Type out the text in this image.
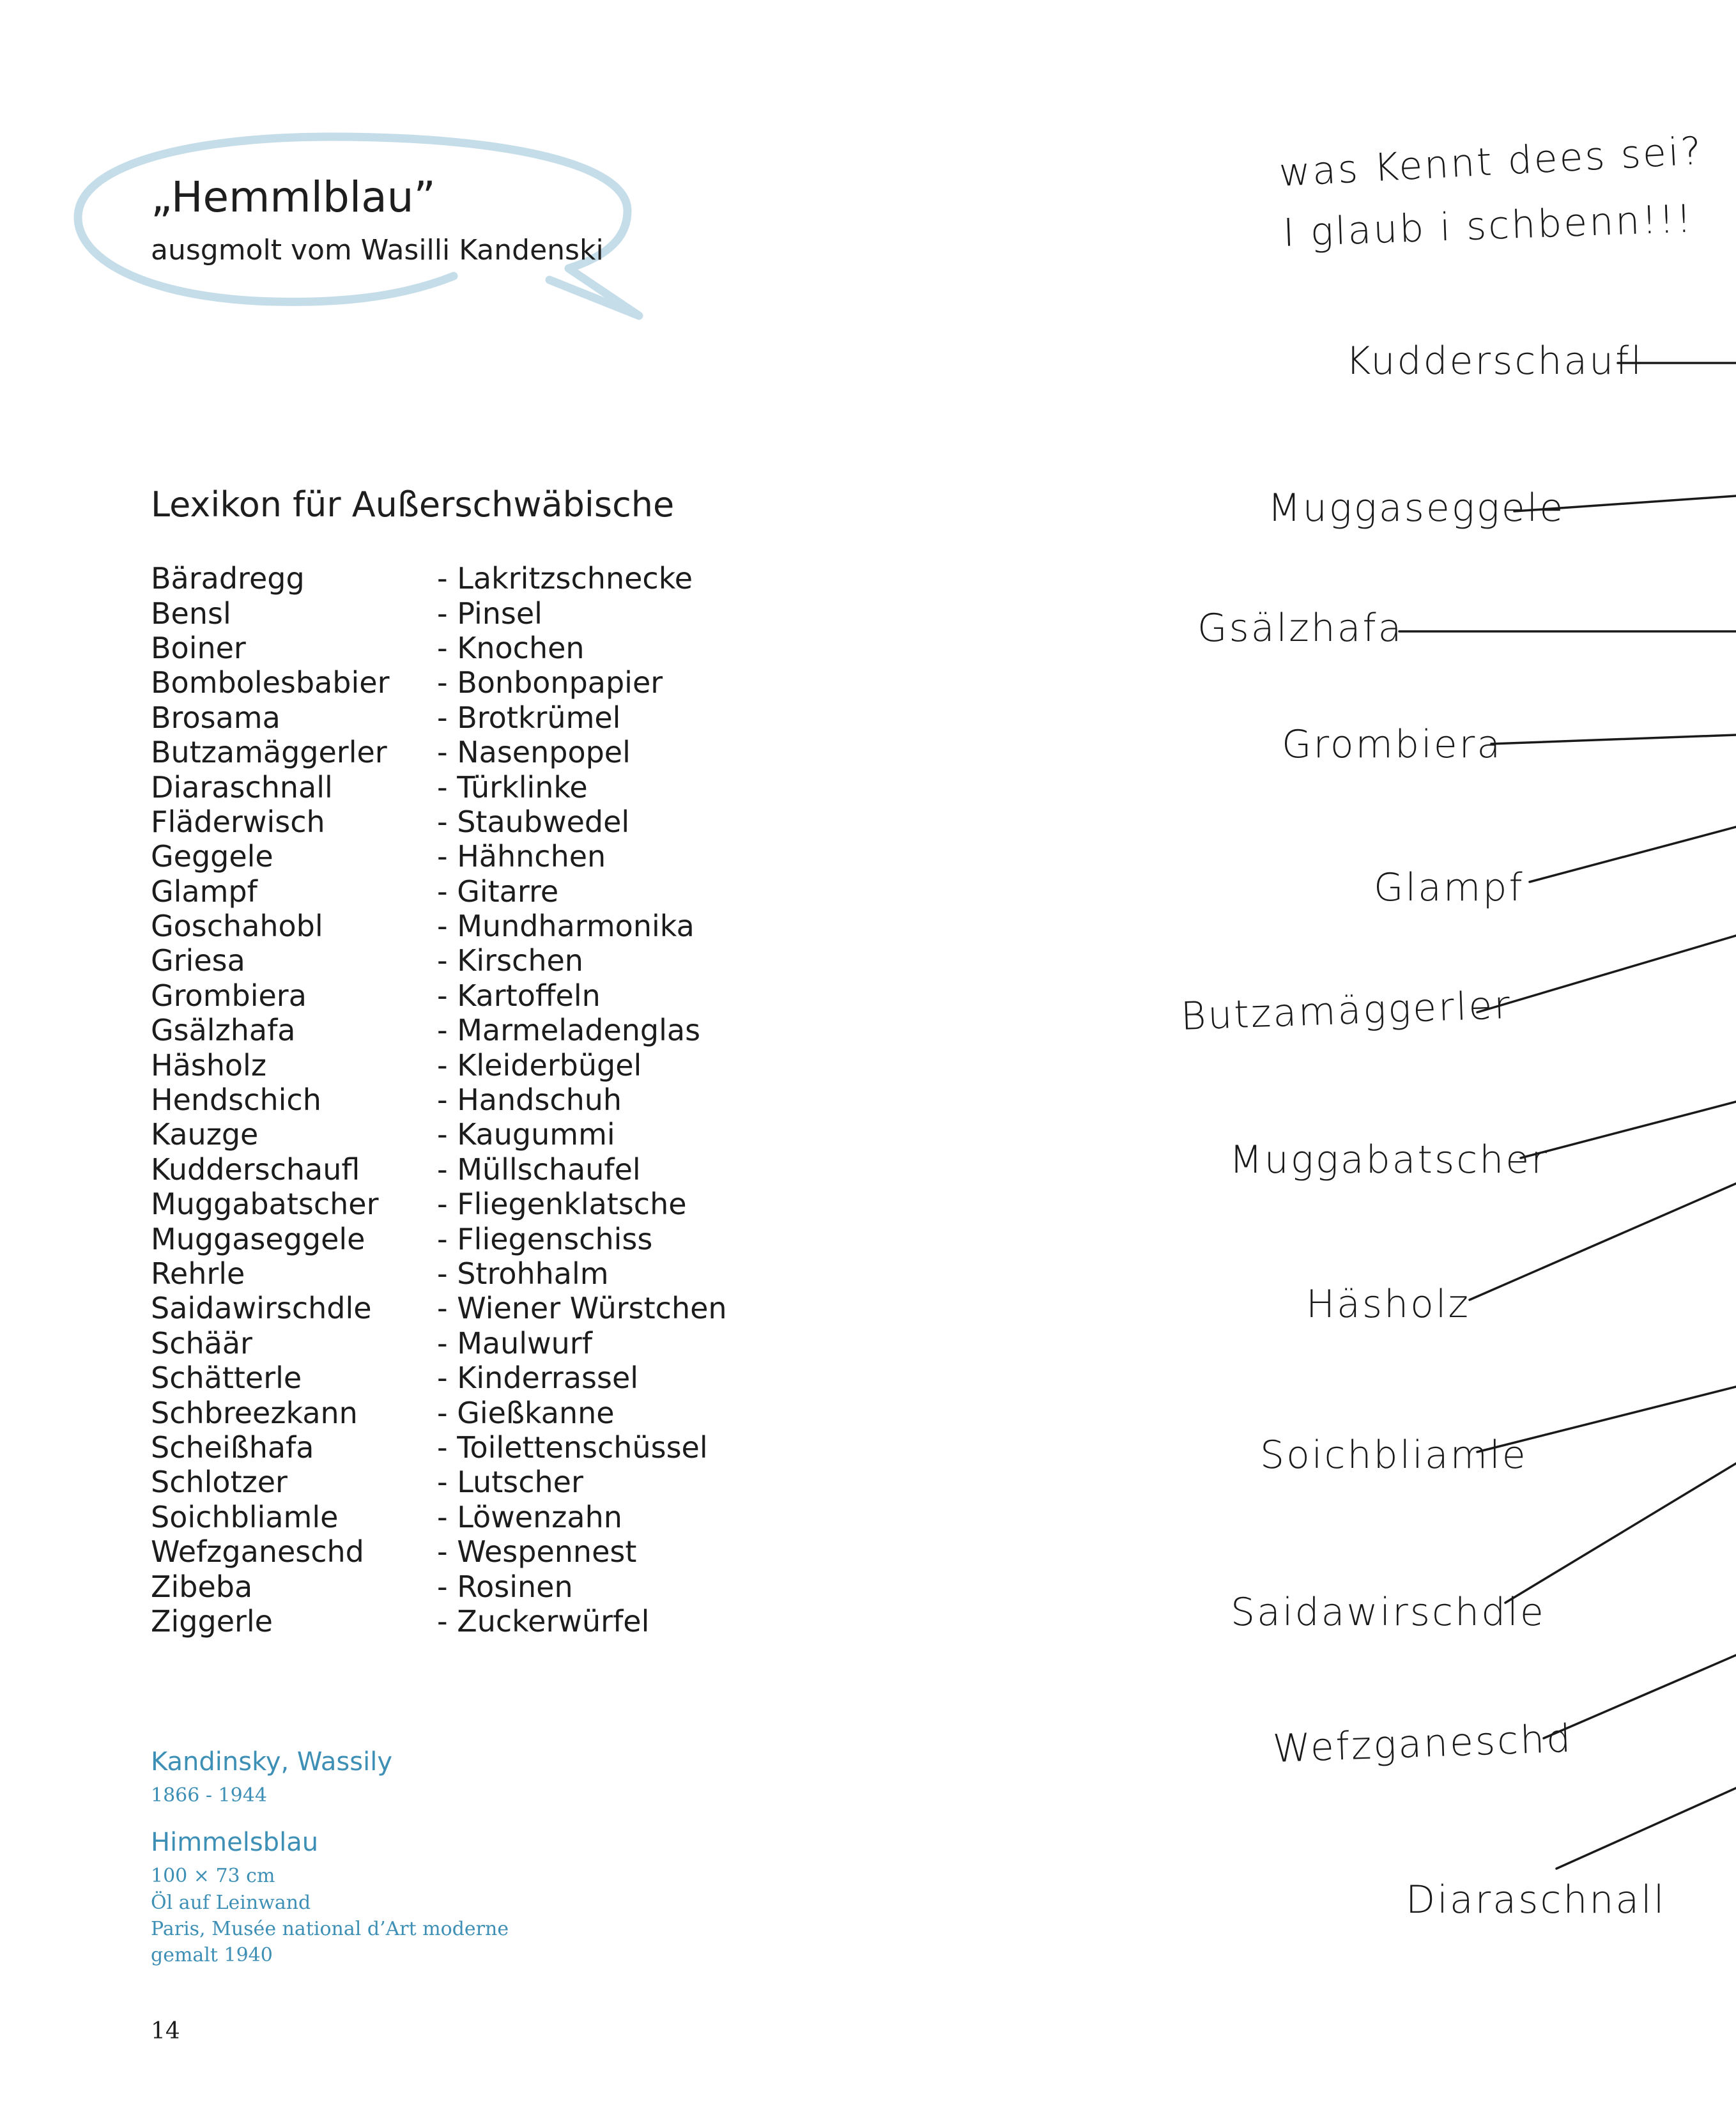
„Hemmlblau”
ausgmolt vom Wasilli Kandenski
Lexikon für Außerschwäbische
Bäradregg	- Lakritzschnecke
Bensl	- Pinsel
Boiner	- Knochen
Bombolesbabier	- Bonbonpapier
Brosama	- Brotkrümel
Butzamäggerler	- Nasenpopel
Diaraschnall	- Türklinke
Fläderwisch	- Staubwedel
Geggele	- Hähnchen
Glampf	- Gitarre
Goschahobl	- Mundharmonika
Griesa	- Kirschen
Grombiera	- Kartoffeln
Gsälzhafa	- Marmeladenglas
Häsholz	- Kleiderbügel
Hendschich	- Handschuh
Kauzge	- Kaugummi
Kudderschaufl	- Müllschaufel
Muggabatscher	- Fliegenklatsche
Muggaseggele	- Fliegenschiss
Rehrle	- Strohhalm
Saidawirschdle	- Wiener Würstchen
Schäär	- Maulwurf
Schätterle	- Kinderrassel
Schbreezkann	- Gießkanne
Scheißhafa	- Toilettenschüssel
Schlotzer	- Lutscher
Soichbliamle	- Löwenzahn
Wefzganeschd	- Wespennest
Zibeba	- Rosinen
Ziggerle	- Zuckerwürfel
Kandinsky, Wassily
1866 - 1944
Himmelsblau
100 × 73 cm
Öl auf Leinwand
Paris, Musée national d’Art moderne
gemalt 1940
14
was Kennt dees sei?
I glaub i schbenn!!!
Kudderschaufl
Muggaseggele
Gsälzhafa
Grombiera
Glampf
Butzamäggerler
Muggabatscher
Häsholz
Soichbliamle
Saidawirschdle
Wefzganeschd
Diaraschnall
